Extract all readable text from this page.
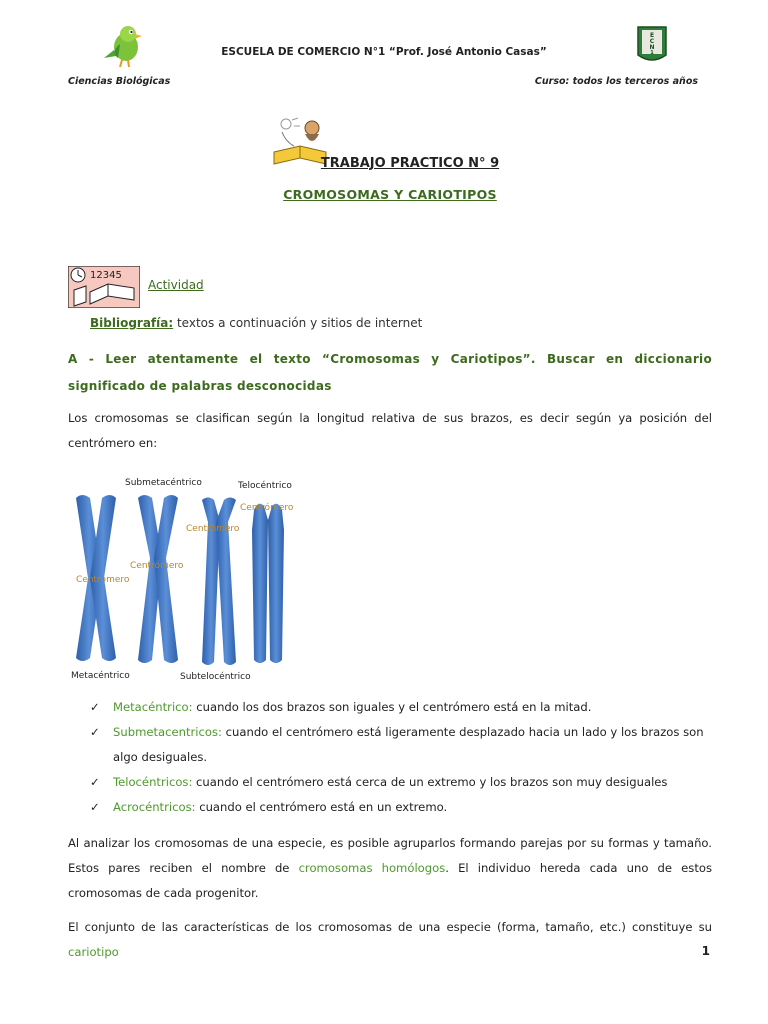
ESCUELA DE COMERCIO N°1 “Prof. José Antonio Casas”
E
C
N
1
Ciencias Biológicas	Curso: todos los terceros años
TRABAJO PRACTICO N° 9
CROMOSOMAS Y CARIOTIPOS
12345
Actividad
Bibliografía: textos a continuación y sitios de internet
A - Leer atentamente el texto “Cromosomas y Cariotipos”. Buscar en diccionario significado de palabras desconocidas
Los cromosomas se clasifican según la longitud relativa de sus brazos, es decir según ya posición del centrómero en:
Submetacéntrico	Telocéntrico
Centrómero
Centrómero
Centrómero
Centrómero
Metacéntrico	Subtelocéntrico
✓ Metacéntrico: cuando los dos brazos son iguales y el centrómero está en la mitad.
✓ Submetacentricos: cuando el centrómero está ligeramente desplazado hacia un lado y los brazos son algo desiguales.
✓ Telocéntricos: cuando el centrómero está cerca de un extremo y los brazos son muy desiguales
✓ Acrocéntricos: cuando el centrómero está en un extremo.
Al analizar los cromosomas de una especie, es posible agruparlos formando parejas por su formas y tamaño. Estos pares reciben el nombre de cromosomas homólogos. El individuo hereda cada uno de estos cromosomas de cada progenitor.
El conjunto de las características de los cromosomas de una especie (forma, tamaño, etc.) constituye su cariotipo	1
